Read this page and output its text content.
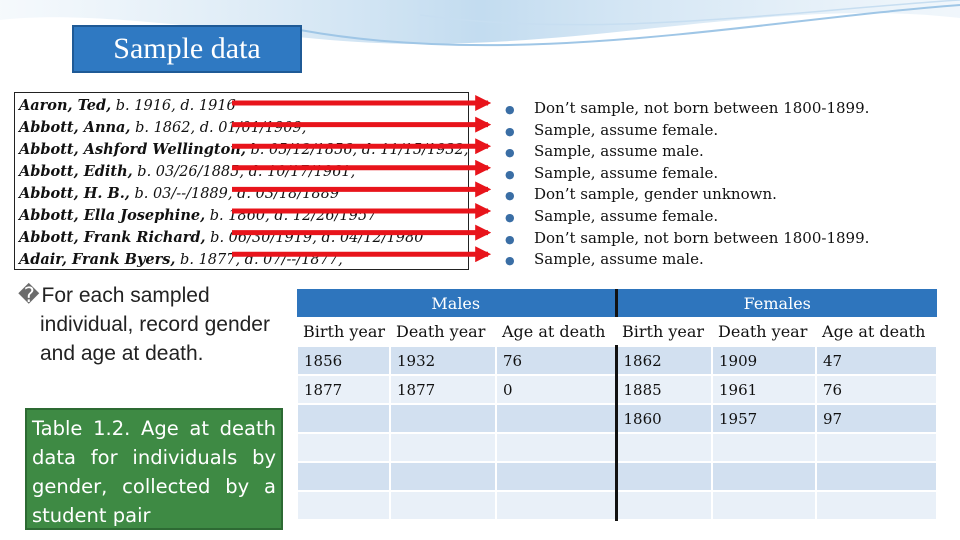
Sample data
Aaron, Ted, b. 1916, d. 1916
Abbott, Anna, b. 1862, d. 01/01/1909,
Abbott, Ashford Wellington, b. 05/12/1856, d. 11/15/1932,
Abbott, Edith, b. 03/26/1885, d. 10/17/1961,
Abbott, H. B., b. 03/--/1889, d. 03/18/1889
Abbott, Ella Josephine, b. 1860, d. 12/26/1957
Abbott, Frank Richard, b. 06/30/1919, d. 04/12/1980
Adair, Frank Byers, b. 1877, d. 07/--/1877,
● Don’t sample, not born between 1800-1899.
● Sample, assume female.
● Sample, assume male.
● Sample, assume female.
● Don’t sample, gender unknown.
● Sample, assume female.
● Don’t sample, not born between 1800-1899.
● Sample, assume male.
�For each sampled individual, record gender and age at death.
Table 1.2. Age at death data for individuals by gender, collected by a student pair
Males			Females		
Birth year	Death year	Age at death	Birth year	Death year	Age at death
1856	1932	76	1862	1909	47
1877	1877	0	1885	1961	76
			1860	1957	97
